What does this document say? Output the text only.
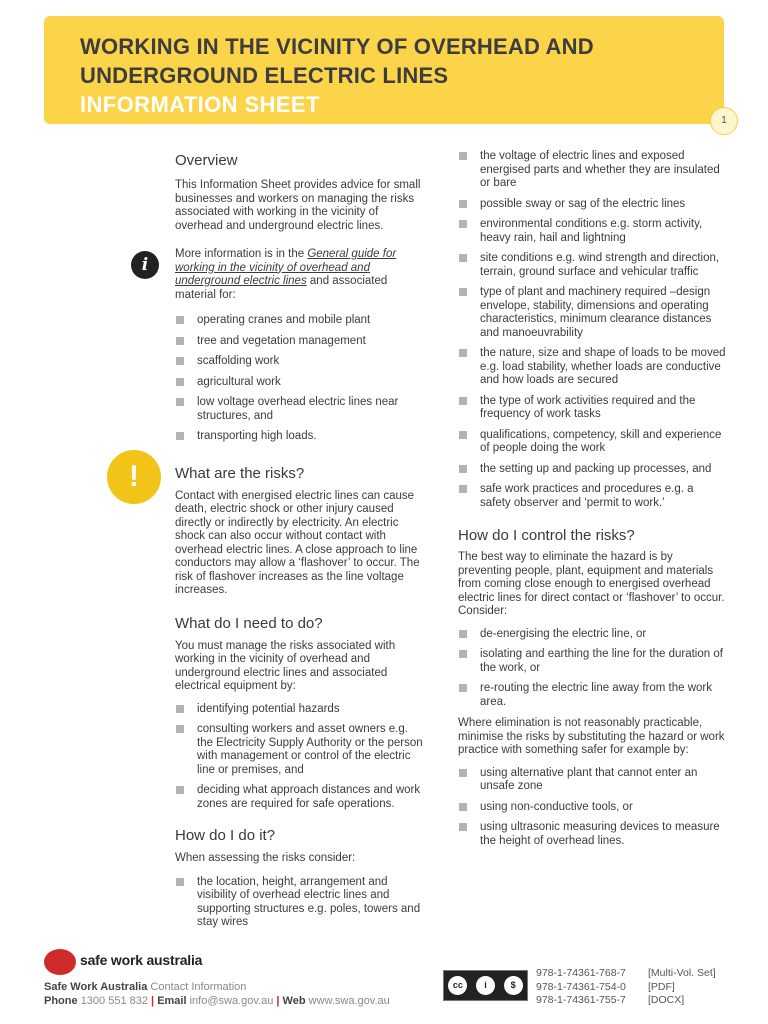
WORKING IN THE VICINITY OF OVERHEAD AND UNDERGROUND ELECTRIC LINES
INFORMATION SHEET
1
i
!
Overview

This Information Sheet provides advice for small businesses and workers on managing the risks associated with working in the vicinity of overhead and underground electric lines.

More information is in the General guide for working in the vicinity of overhead and underground electric lines and associated material for:

operating cranes and mobile plant
tree and vegetation management
scaffolding work
agricultural work
low voltage overhead electric lines near structures, and
transporting high loads.
What are the risks?

Contact with energised electric lines can cause death, electric shock or other injury caused directly or indirectly by electricity. An electric shock can also occur without contact with overhead electric lines. A close approach to line conductors may allow a ‘flashover’ to occur. The risk of flashover increases as the line voltage increases.

What do I need to do?

You must manage the risks associated with working in the vicinity of overhead and underground electric lines and associated electrical equipment by:

identifying potential hazards
consulting workers and asset owners e.g. the Electricity Supply Authority or the person with management or control of the electric line or premises, and
deciding what approach distances and work zones are required for safe operations.
How do I do it?

When assessing the risks consider:

the location, height, arrangement and visibility of overhead electric lines and supporting structures e.g. poles, towers and stay wires
the voltage of electric lines and exposed energised parts and whether they are insulated or bare
possible sway or sag of the electric lines
environmental conditions e.g. storm activity, heavy rain, hail and lightning
site conditions e.g. wind strength and direction, terrain, ground surface and vehicular traffic
type of plant and machinery required –design envelope, stability, dimensions and operating characteristics, minimum clearance distances and manoeuvrability
the nature, size and shape of loads to be moved e.g. load stability, whether loads are conductive and how loads are secured
the type of work activities required and the frequency of work tasks
qualifications, competency, skill and experience of people doing the work
the setting up and packing up processes, and
safe work practices and procedures e.g. a safety observer and ‘permit to work.’
How do I control the risks?

The best way to eliminate the hazard is by preventing people, plant, equipment and materials from coming close enough to energised overhead electric lines for direct contact or ‘flashover’ to occur. Consider:

de-energising the electric line, or
isolating and earthing the line for the duration of the work, or
re-routing the electric line away from the work area.

Where elimination is not reasonably practicable, minimise the risks by substituting the hazard or work practice with something safer for example by:

using alternative plant that cannot enter an unsafe zone
using non-conductive tools, or
using ultrasonic measuring devices to measure the height of overhead lines.
safe work australia
Safe Work Australia Contact Information
Phone 1300 551 832 | Email info@swa.gov.au | Web www.swa.gov.au
cc	i	$
978-1-74361-768-7	[Multi-Vol. Set]
978-1-74361-754-0	[PDF]
978-1-74361-755-7	[DOCX]
